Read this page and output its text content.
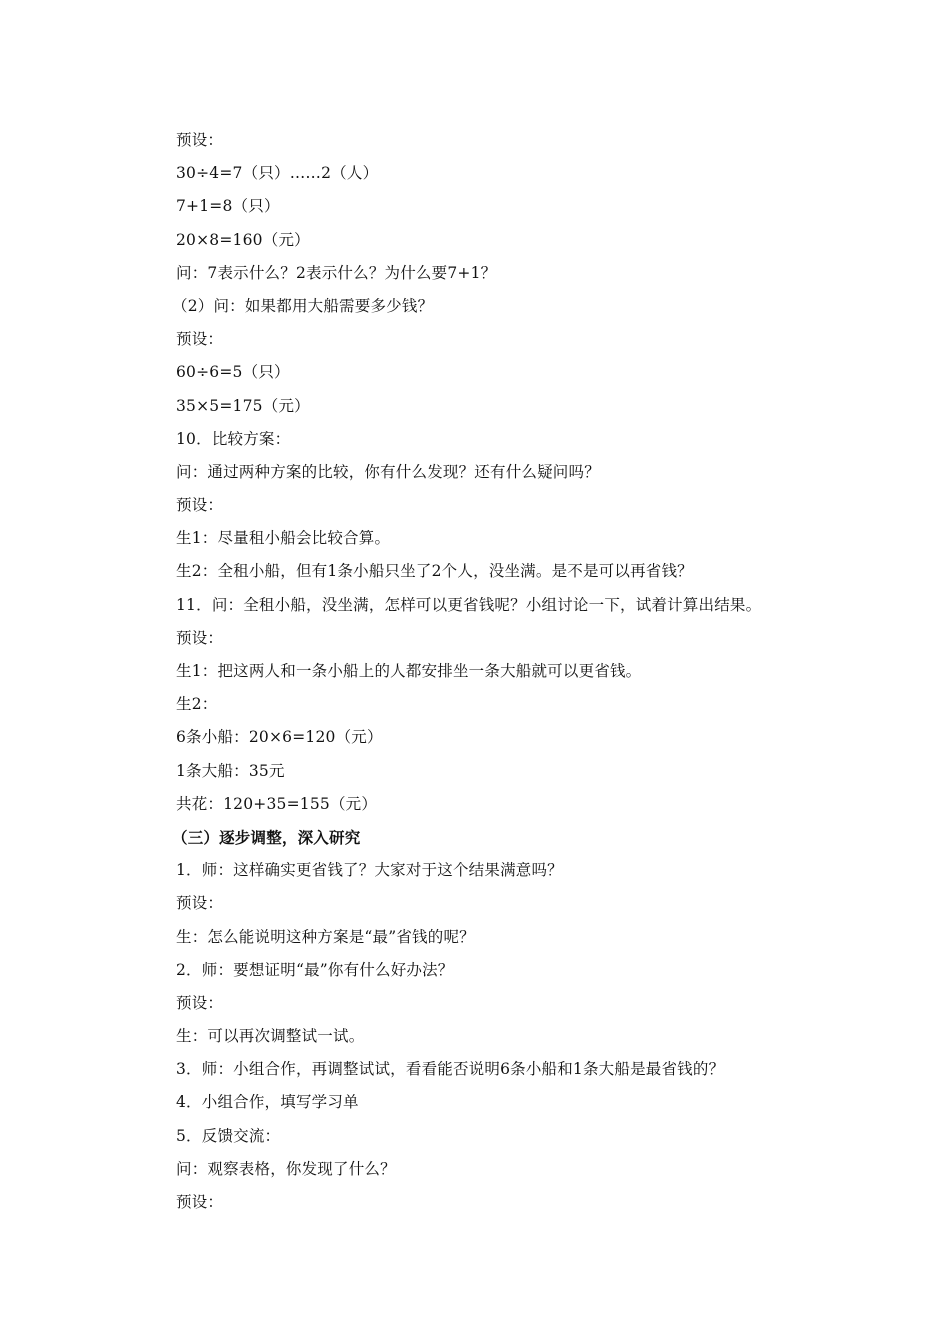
预设：
30÷4=7（只）……2（人）
7+1=8（只）
20×8=160（元）
问：7表示什么？2表示什么？为什么要7+1？
（2）问：如果都用大船需要多少钱？
预设：
60÷6=5（只）
35×5=175（元）
10．比较方案：
问：通过两种方案的比较，你有什么发现？还有什么疑问吗？
预设：
生1：尽量租小船会比较合算。
生2：全租小船，但有1条小船只坐了2个人，没坐满。是不是可以再省钱？
11．问：全租小船，没坐满，怎样可以更省钱呢？小组讨论一下，试着计算出结果。
预设：
生1：把这两人和一条小船上的人都安排坐一条大船就可以更省钱。
生2：
6条小船：20×6=120（元）
1条大船：35元
共花：120+35=155（元）
（三）逐步调整，深入研究
1．师：这样确实更省钱了？大家对于这个结果满意吗？
预设：
生：怎么能说明这种方案是“最”省钱的呢？
2．师：要想证明“最”你有什么好办法？
预设：
生：可以再次调整试一试。
3．师：小组合作，再调整试试，看看能否说明6条小船和1条大船是最省钱的？
4．小组合作，填写学习单
5．反馈交流：
问：观察表格，你发现了什么？
预设：
